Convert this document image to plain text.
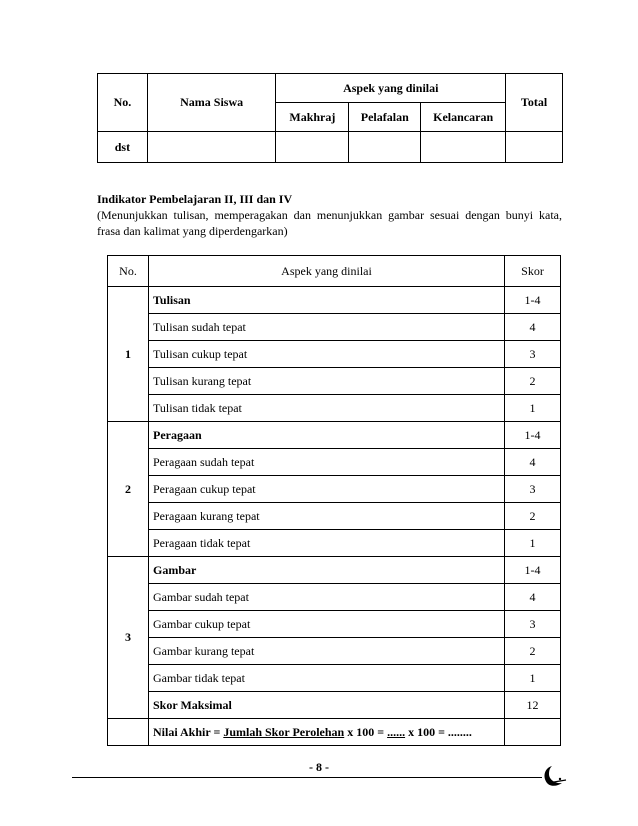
No.	Nama Siswa	Aspek yang dinilai			Total
		Makhraj	Pelafalan	Kelancaran	
dst					
Indikator Pembelajaran II, III dan IV
(Menunjukkan tulisan, memperagakan dan menunjukkan gambar sesuai dengan bunyi kata, frasa dan kalimat yang diperdengarkan)
No.	Aspek yang dinilai	Skor
1	Tulisan	1-4
	Tulisan sudah tepat	4
	Tulisan cukup tepat	3
	Tulisan kurang tepat	2
	Tulisan tidak tepat	1
2	Peragaan	1-4
	Peragaan sudah tepat	4
	Peragaan cukup tepat	3
	Peragaan kurang tepat	2
	Peragaan tidak tepat	1
3	Gambar	1-4
	Gambar sudah tepat	4
	Gambar cukup tepat	3
	Gambar kurang tepat	2
	Gambar tidak tepat	1
	Skor Maksimal	12
	Nilai Akhir = Jumlah Skor Perolehan x 100 = ...... x 100 = ........	
- 8 -
